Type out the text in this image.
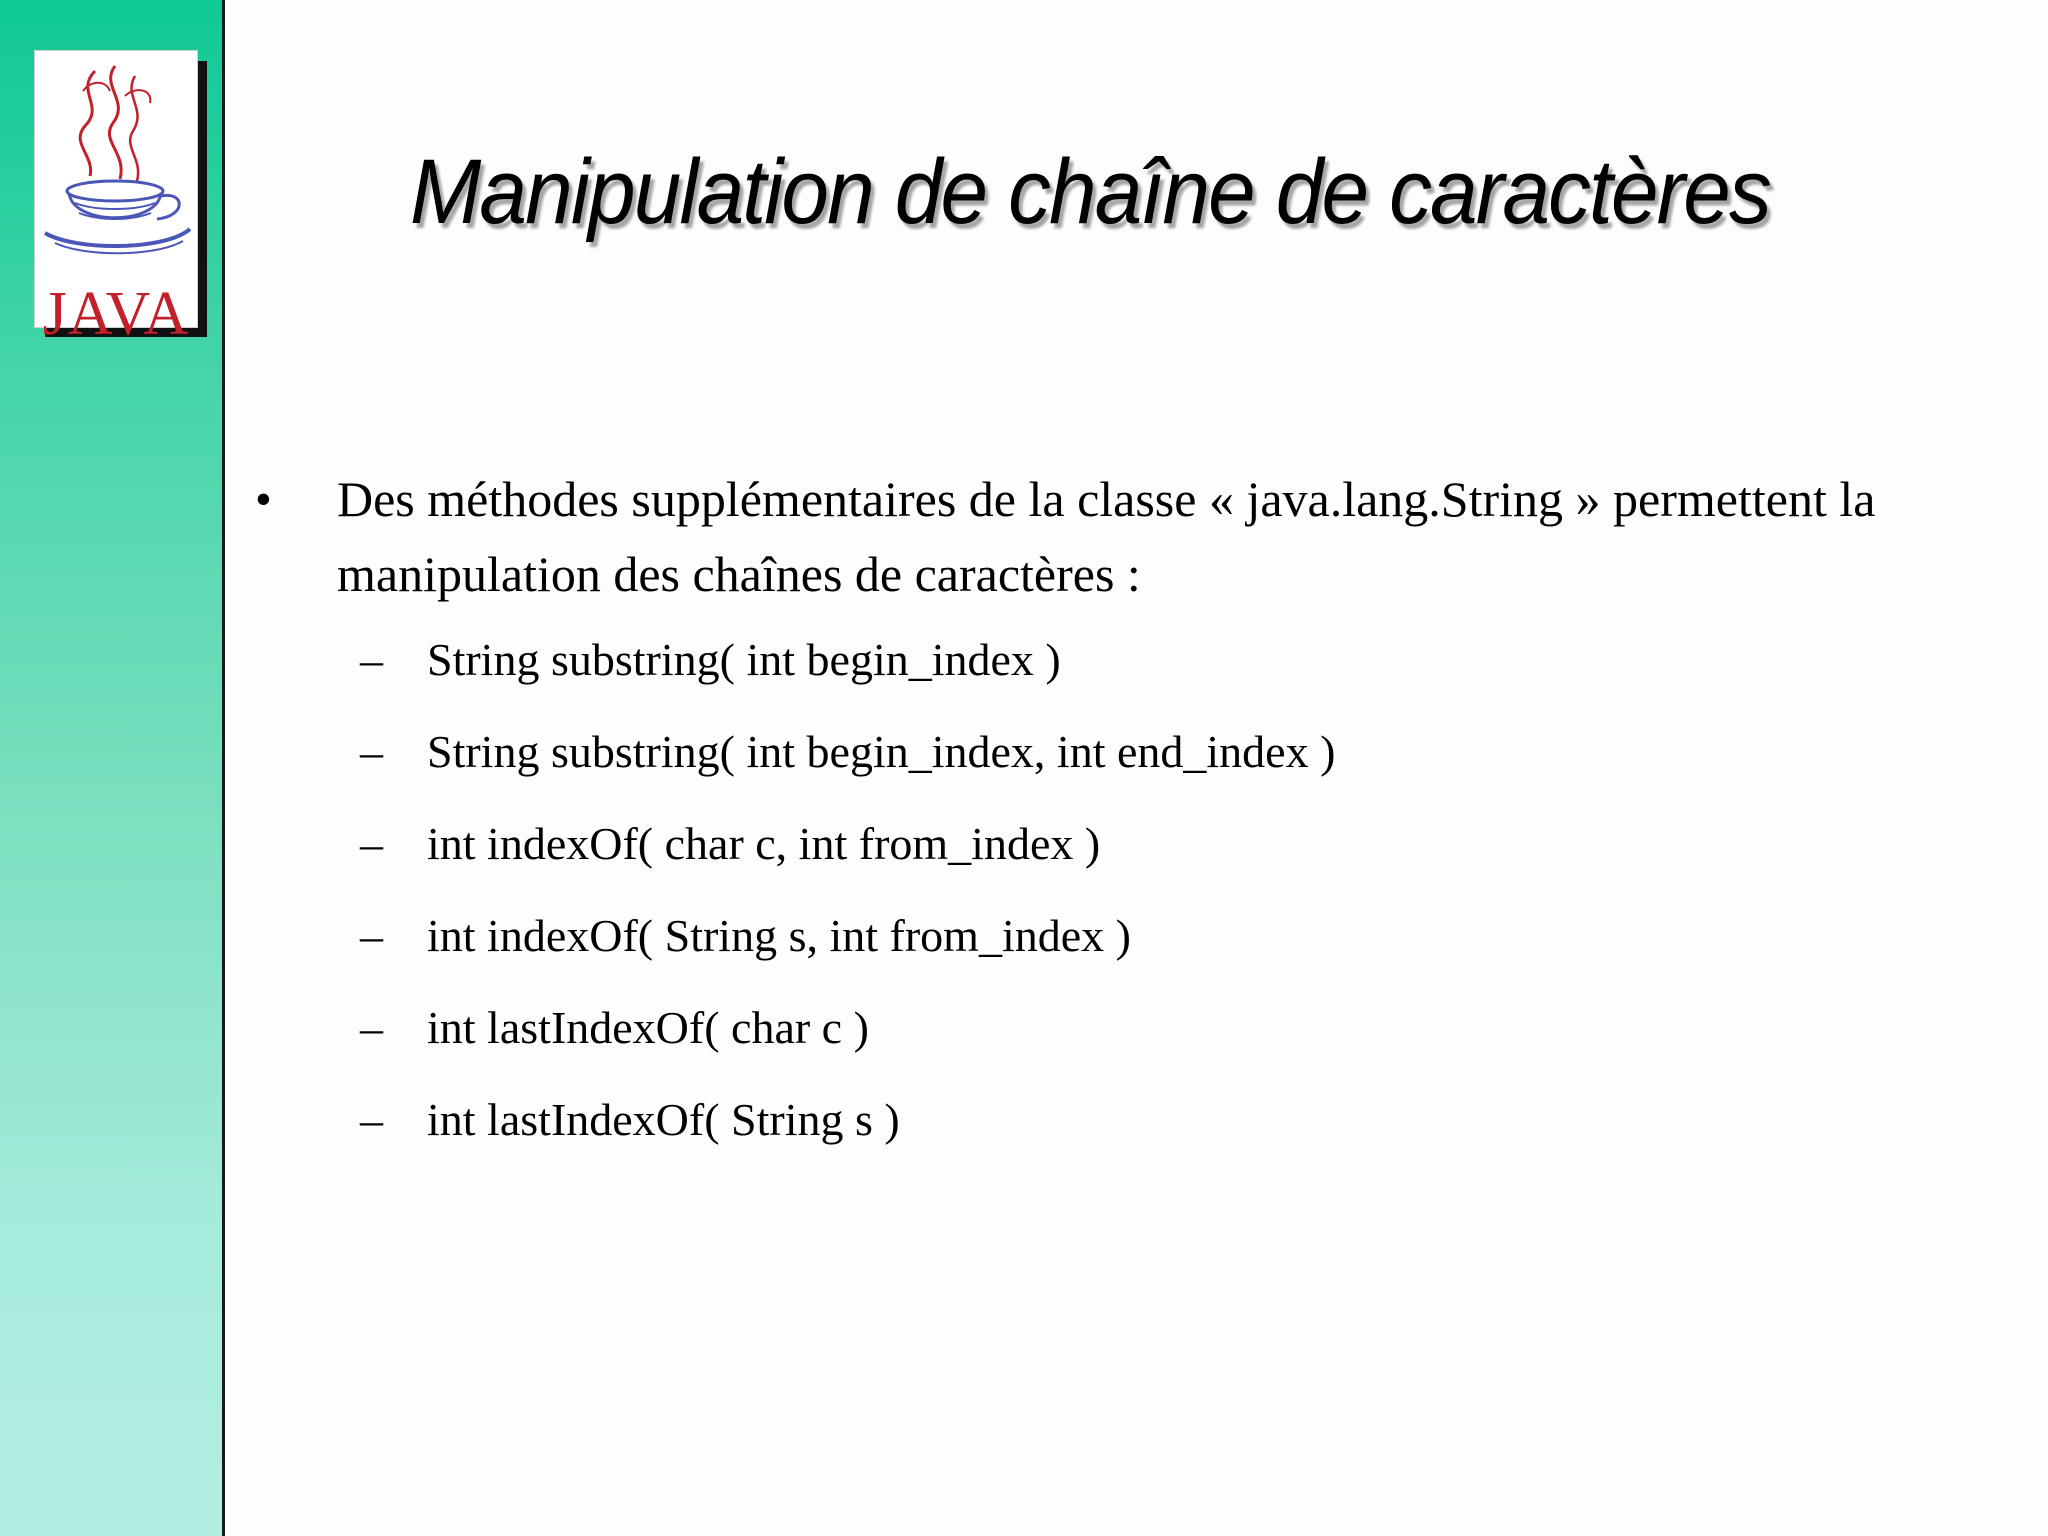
JAVA
Manipulation de chaîne de caractères
• Des méthodes supplémentaires de la classe « java.lang.String » permettent la manipulation des chaînes de caractères :
– String substring( int begin_index )
– String substring( int begin_index, int end_index )
– int indexOf( char c, int from_index )
– int indexOf( String s, int from_index )
– int lastIndexOf( char c )
– int lastIndexOf( String s )
